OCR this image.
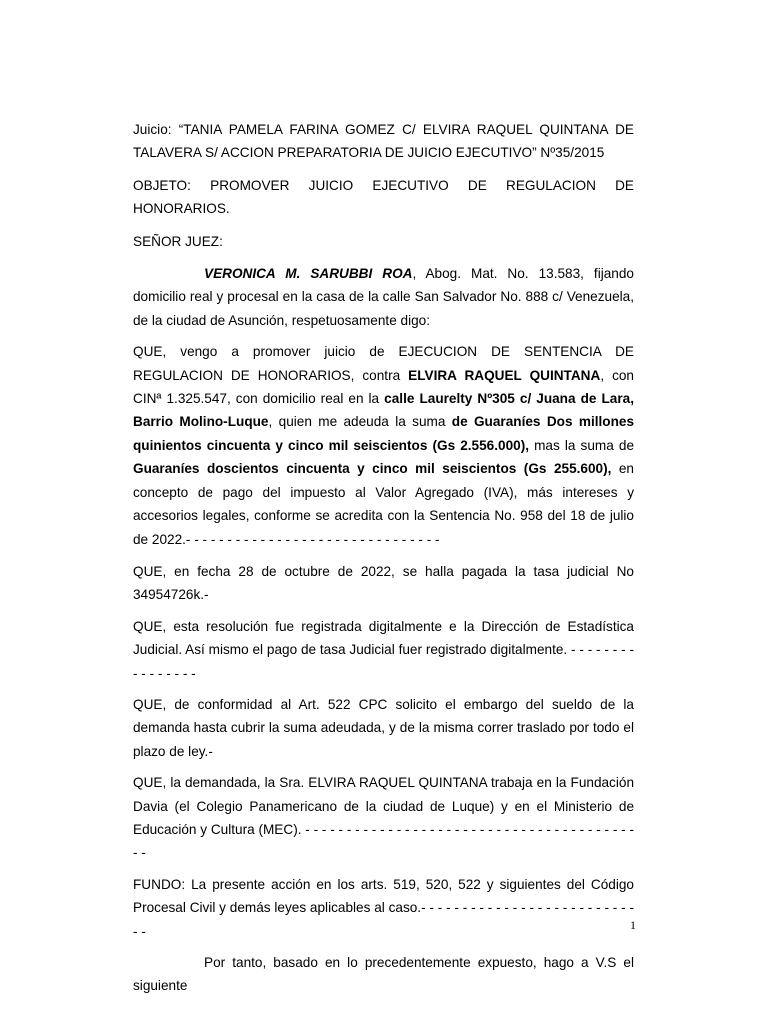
Juicio: “TANIA PAMELA FARINA GOMEZ C/ ELVIRA RAQUEL QUINTANA DE TALAVERA S/ ACCION PREPARATORIA DE JUICIO EJECUTIVO” Nº35/2015

OBJETO: PROMOVER JUICIO EJECUTIVO DE REGULACION DE HONORARIOS.

SEÑOR JUEZ:

VERONICA M. SARUBBI ROA, Abog. Mat. No. 13.583, fijando domicilio real y procesal en la casa de la calle San Salvador No. 888 c/ Venezuela, de la ciudad de Asunción, respetuosamente digo:

QUE, vengo a promover juicio de EJECUCION DE SENTENCIA DE REGULACION DE HONORARIOS, contra ELVIRA RAQUEL QUINTANA, con CINª 1.325.547, con domicilio real en la calle Laurelty Nº305 c/ Juana de Lara, Barrio Molino-Luque, quien me adeuda la suma de Guaraníes Dos millones quinientos cincuenta y cinco mil seiscientos (Gs 2.556.000), mas la suma de Guaraníes doscientos cincuenta y cinco mil seiscientos (Gs 255.600), en concepto de pago del impuesto al Valor Agregado (IVA), más intereses y accesorios legales, conforme se acredita con la Sentencia No. 958 del 18 de julio de 2022.- - - - - - - - - - - - - - - - - - - - - - - - - - - - - - -

QUE, en fecha 28 de octubre de 2022, se halla pagada la tasa judicial No 34954726k.-

QUE, esta resolución fue registrada digitalmente e la Dirección de Estadística Judicial. Así mismo el pago de tasa Judicial fuer registrado digitalmente. - - - - - - - - - - - - - - - -

QUE, de conformidad al Art. 522 CPC solicito el embargo del sueldo de la demanda hasta cubrir la suma adeudada, y de la misma correr traslado por todo el plazo de ley.-

QUE, la demandada, la Sra. ELVIRA RAQUEL QUINTANA trabaja en la Fundación Davia (el Colegio Panamericano de la ciudad de Luque) y en el Ministerio de Educación y Cultura (MEC). - - - - - - - - - - - - - - - - - - - - - - - - - - - - - - - - - - - - - - - - - -

FUNDO: La presente acción en los arts. 519, 520, 522 y siguientes del Código Procesal Civil y demás leyes aplicables al caso.- - - - - - - - - - - - - - - - - - - - - - - - - - - -

Por tanto, basado en lo precedentemente expuesto, hago a V.S el siguiente

1
